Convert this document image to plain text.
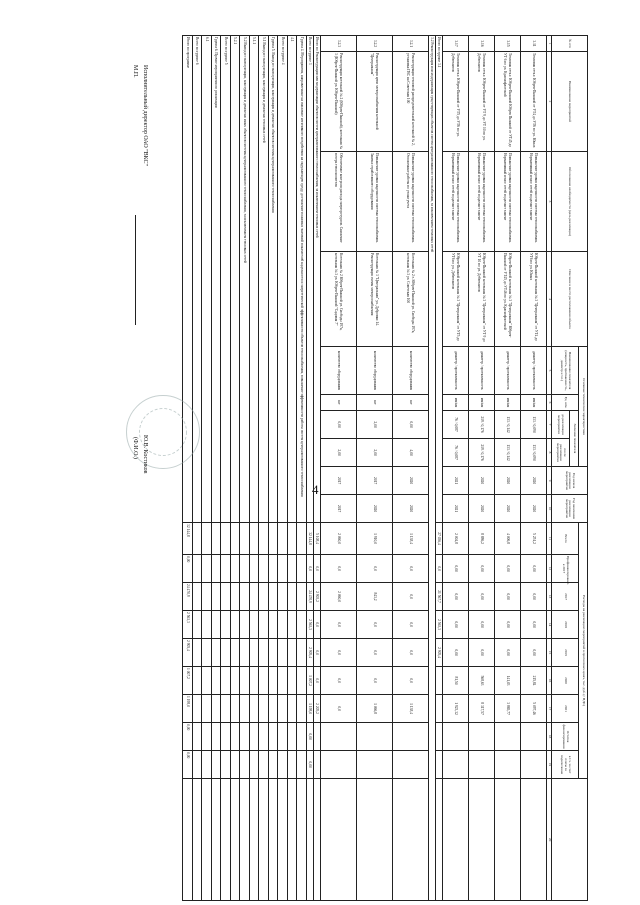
4
№ п/п	Наименование мероприятий	Обоснование необходимости (цель реализации)	Описание и место расположения объекта	Основные технические характеристики				Год начала реализации мероприятия	Год окончания реализации мероприятия	Расходы на реализацию мероприятий в прогнозных ценах, тыс. руб. (с НДС)									
				Наименование показателя (мощность, протяженность, диаметр и т.п.)	Ед. изм.	Значение показателя				Всего	Профинансировано к 2017	2017	2018	2019	2020	2021	Остаток финансирования	в т.ч. за счет платы за подключение	
						до реализации мероприятия	после реализации мероприятия												
1	2	3	4	5	6	7	8	9	10	11	12	13	14	15	16	17	18	19	20
3.11	Тепловая сеть г. Юбрея-Пышной от УТ4 до УТ6 по ул. Юных	Повышение уровня надежности системы теплоснабжения. Нормативный износ сетей подлежит замене	Юбрея-Пышной котельная № 3 "Центральная" от УТ4 до УТ6 по ул. Юных	диаметр / протяженность	мм/км	133 / 0,090	133 / 0,090	2020	2020	5 251,2	0,00	0,00	0,00	0,00	215,84	5 097,46			
3.15	Тепловая сеть г. Юбрея-Пышной Юбрея Пышной от УТ45 до УТ 6 по ул. Краснофлотской	Повышение уровня надежности системы теплоснабжения. Нормативный износ сетей подлежит замене	Юбрея-Пышной котельная № 3 "Центральная" Юбрея-Пышной от УТ45 до УТ46 по ул. Краснофлотской	диаметр / протяженность	мм/км	133 / 0,142	133 / 0,142	2020	2020	4 006,8	0,00	0,00	0,00	0,00	141,03	3 865,77			
3.16	Тепловая сеть г. Юбрея-Пышной от УТ 9 до УТ 10 по ул. Дебютантов	Повышение уровня надежности системы теплоснабжения. Нормативный износ сетей подлежит замене	Юбрея-Пышной котельная № 3 "Центральная" от УТ 9 до УТ 10 по ул. Дебютантов	диаметр / протяженность	мм/км	219 / 0,176	219 / 0,176	2020	2020	8 886,2	0,00	0,00	0,00	0,00	568,63	8 317,57			
3.17	Тепловая сеть г. Юбрея-Пышной от УТ5 до УТ6 по ул. Дебютантов	Повышение уровня надежности системы теплоснабжения. Нормативный износ сетей подлежит замене	Юбрея-Пышной котельная № 3 "Центральная" от УТ5 до УТ6 по ул. Дебютантов	диаметр / протяженность	мм/км	76 / 0,087	76 / 0,087	2021	2021	2 004,8	0,00	0,00	0,00	0,00	81,50	1 923,32			
Итого по группе 3.1										27 036,4	0,0	21 567,7	2 563,3	2 905,4					
3.2 Реконструкция или модернизация существующих объектов систем централизованного теплоснабжения, за исключением тепловых сетей																			
3.2.1	Реконструкция тепловой распределительной котельной № 2, установка ГВС на Советская 100	Повышение уровня надежности системы теплоснабжения. Отложенные работы по узлам учета	Котельная № 2 г. Юбрея-Пышной ул. Свободы 197а, котельная № 3 ул. Советская 100	количество оборудования	шт	0,00	4,00	2020	2020	1 138,4	0,0	0,0	0,0	0,0	0,0	1 138,4			
3.2.2	Реконструкция цепи электроснабжения котельной "Центральная"	Повышение уровня надежности системы теплоснабжения. Замена отработавшего оборудования	Котельная № 3 "Центральная" ул. Дубровки 14. Реконструкция схемы электроснабжения	количество оборудования	шт	2,00	2,00	2017	2020	1 910,0	0,0	843,2	0,0	0,0	0,0	1 066,8			
3.2.3	Реконструкция котельной № 2 (Юбрея-Пышной), котельная № 3 (Юбрея-Пышной ул. Юбрея-Пышной)	Обеспечение контроля расхода энергоресурсов. Снижение потерь теплоносителя	Котельная № 2 Юбрея-Пышной ул. Свободы 197а, котельная № 3 ул. Юбрея-Пышной "Садовая 7"	количество оборудования	шт	0,00	2,00	2017	2017	2 060,0	0,0	2 060,0	0,0	0,0	0,0	0,0			
Итого по Реконструкции или модернизации объектов систем централизованного теплоснабжения, за исключением тепловых сетей										5 108,4	0,0	2 903,2	0,0	0,0	0,0	2 205,2			
Всего по группе 3										32 144,8	0,0	24 470,9	2 563,3	2 905,4	1 007,2	1 198,0	0,00	0,00	
Группа 4. Мероприятия, направленные на снижение негативного воздействия на окружающую среду, достижение плановых значений показателей надежности и энергетической эффективности объектов теплоснабжения, повышение эффективности работы систем централизованного теплоснабжения																			
4.1																			
Всего по группе 4																			
Группа 5. Вывод из эксплуатации, консервация и демонтаж объектов системы централизованного теплоснабжения																			
5.1 Вывод из эксплуатации, консервация и демонтаж тепловых сетей																			
5.1.1																			
5.2 Вывод из эксплуатации, консервация и демонтаж иных объектов системы централизованного теплоснабжения, за исключением тепловых сетей																			
5.2.1																			
Всего по группе 5																			
Группа 6. Прочие мероприятия по реализации																			
6.1																			
Всего по группе 6																			
Итого по программе										32 144,8	0,00	24 470,9	2 563,3	2 905,4	1 007,2	1 198,0	0,00	0,00	
Исполнительный директор ОАО "ВКС"
М.П.
Ю.В. Костиков
(Ф.И.О.)
